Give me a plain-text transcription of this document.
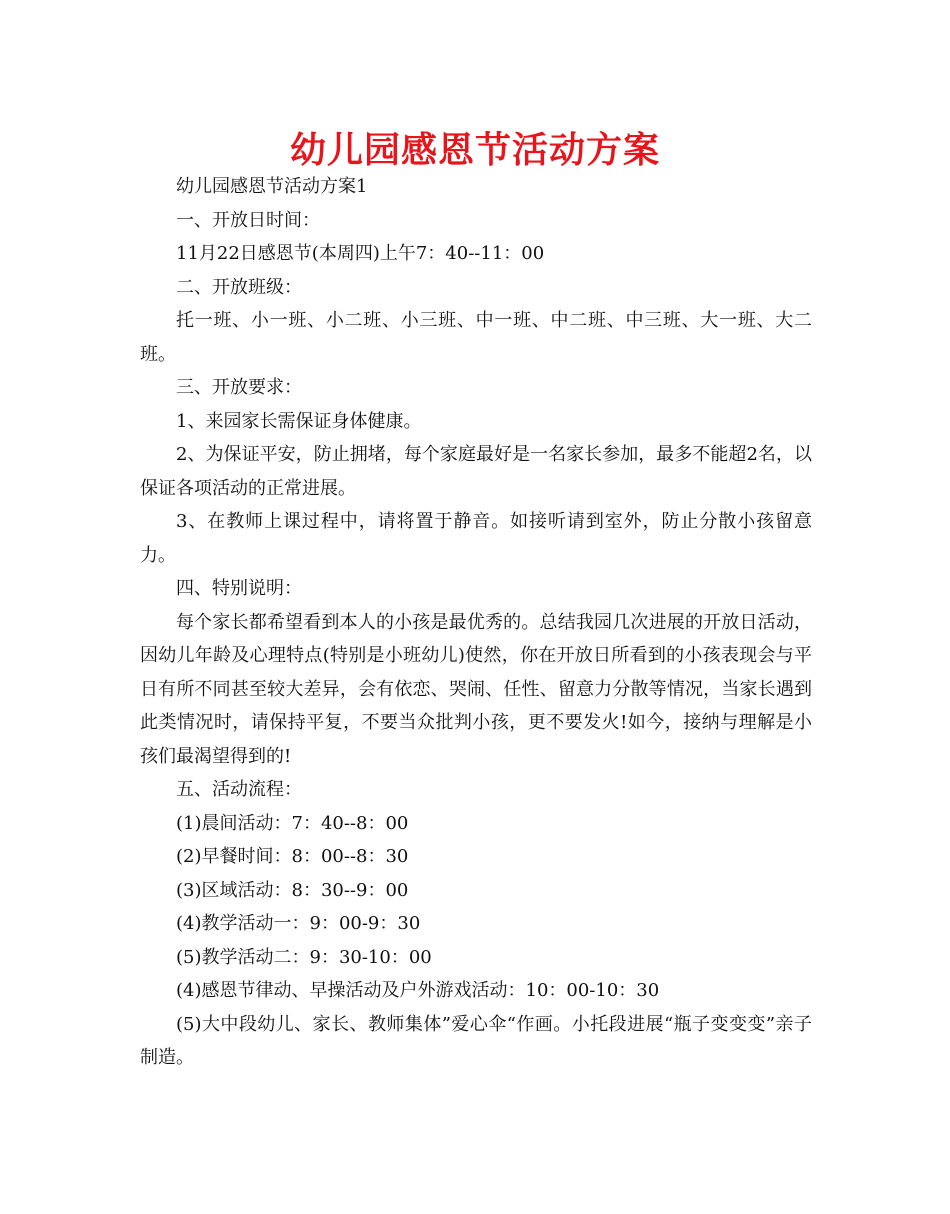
幼儿园感恩节活动方案

幼儿园感恩节活动方案1

一、开放日时间：

11月22日感恩节(本周四)上午7：40--11：00

二、开放班级：

托一班、小一班、小二班、小三班、中一班、中二班、中三班、大一班、大二班。

三、开放要求：

1、来园家长需保证身体健康。

2、为保证平安，防止拥堵，每个家庭最好是一名家长参加，最多不能超2名，以保证各项活动的正常进展。

3、在教师上课过程中，请将置于静音。如接听请到室外，防止分散小孩留意力。

四、特别说明：

每个家长都希望看到本人的小孩是最优秀的。总结我园几次进展的开放日活动，因幼儿年龄及心理特点(特别是小班幼儿)使然，你在开放日所看到的小孩表现会与平日有所不同甚至较大差异，会有依恋、哭闹、任性、留意力分散等情况，当家长遇到此类情况时，请保持平复，不要当众批判小孩，更不要发火!如今，接纳与理解是小孩们最渴望得到的!

五、活动流程：

(1)晨间活动：7：40--8：00

(2)早餐时间：8：00--8：30

(3)区域活动：8：30--9：00

(4)教学活动一：9：00-9：30

(5)教学活动二：9：30-10：00

(4)感恩节律动、早操活动及户外游戏活动：10：00-10：30

(5)大中段幼儿、家长、教师集体”爱心伞“作画。小托段进展“瓶子变变变”亲子制造。
